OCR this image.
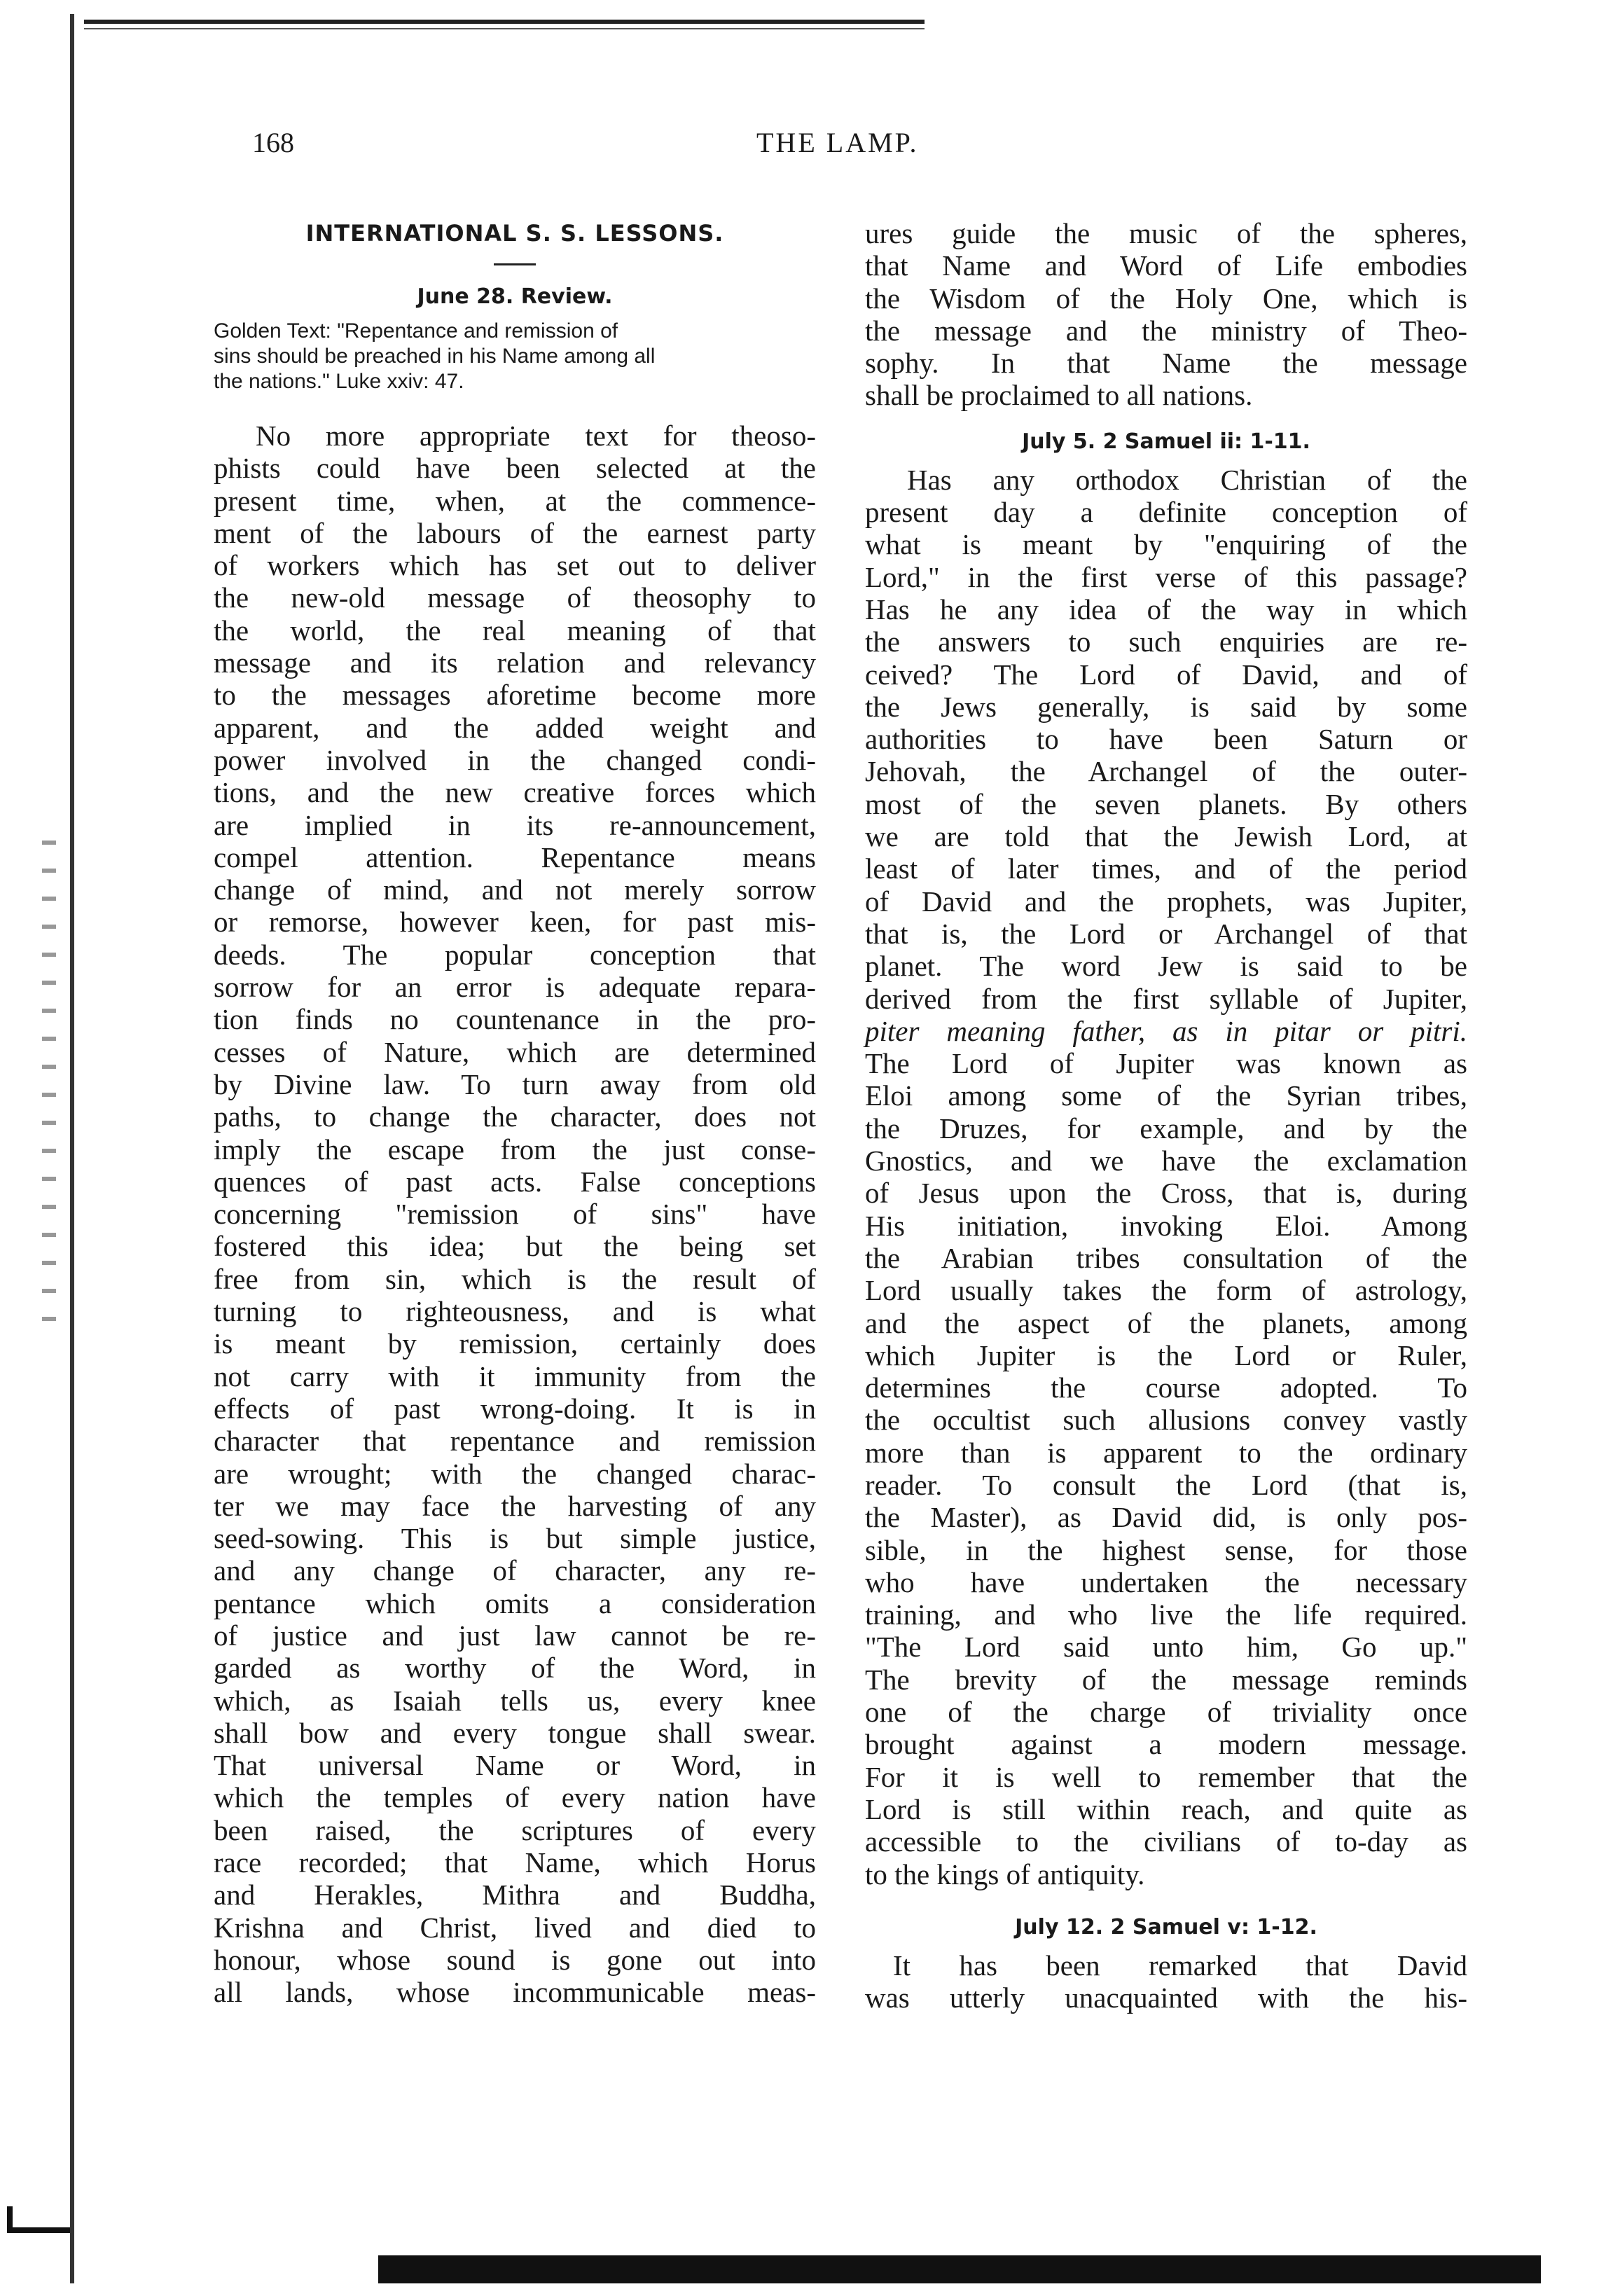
168	THE LAMP.
INTERNATIONAL S. S. LESSONS.
June 28. Review.
Golden Text: "Repentance and remission of
sins should be preached in his Name among all
the nations." Luke xxiv: 47.
No more appropriate text for theoso-
phists could have been selected at the
present time, when, at the commence-
ment of the labours of the earnest party
of workers which has set out to deliver
the new-old message of theosophy to
the world, the real meaning of that
message and its relation and relevancy
to the messages aforetime become more
apparent, and the added weight and
power involved in the changed condi-
tions, and the new creative forces which
are implied in its re-announcement,
compel attention. Repentance means
change of mind, and not merely sorrow
or remorse, however keen, for past mis-
deeds. The popular conception that
sorrow for an error is adequate repara-
tion finds no countenance in the pro-
cesses of Nature, which are determined
by Divine law. To turn away from old
paths, to change the character, does not
imply the escape from the just conse-
quences of past acts. False conceptions
concerning "remission of sins" have
fostered this idea; but the being set
free from sin, which is the result of
turning to righteousness, and is what
is meant by remission, certainly does
not carry with it immunity from the
effects of past wrong-doing. It is in
character that repentance and remission
are wrought; with the changed charac-
ter we may face the harvesting of any
seed-sowing. This is but simple justice,
and any change of character, any re-
pentance which omits a consideration
of justice and just law cannot be re-
garded as worthy of the Word, in
which, as Isaiah tells us, every knee
shall bow and every tongue shall swear.
That universal Name or Word, in
which the temples of every nation have
been raised, the scriptures of every
race recorded; that Name, which Horus
and Herakles, Mithra and Buddha,
Krishna and Christ, lived and died to
honour, whose sound is gone out into
all lands, whose incommunicable meas-
ures guide the music of the spheres,
that Name and Word of Life embodies
the Wisdom of the Holy One, which is
the message and the ministry of Theo-
sophy. In that Name the message
shall be proclaimed to all nations.
July 5. 2 Samuel ii: 1-11.
Has any orthodox Christian of the
present day a definite conception of
what is meant by "enquiring of the
Lord," in the first verse of this passage?
Has he any idea of the way in which
the answers to such enquiries are re-
ceived? The Lord of David, and of
the Jews generally, is said by some
authorities to have been Saturn or
Jehovah, the Archangel of the outer-
most of the seven planets. By others
we are told that the Jewish Lord, at
least of later times, and of the period
of David and the prophets, was Jupiter,
that is, the Lord or Archangel of that
planet. The word Jew is said to be
derived from the first syllable of Jupiter,
piter meaning father, as in pitar or pitri.
The Lord of Jupiter was known as
Eloi among some of the Syrian tribes,
the Druzes, for example, and by the
Gnostics, and we have the exclamation
of Jesus upon the Cross, that is, during
His initiation, invoking Eloi. Among
the Arabian tribes consultation of the
Lord usually takes the form of astrology,
and the aspect of the planets, among
which Jupiter is the Lord or Ruler,
determines the course adopted. To
the occultist such allusions convey vastly
more than is apparent to the ordinary
reader. To consult the Lord (that is,
the Master), as David did, is only pos-
sible, in the highest sense, for those
who have undertaken the necessary
training, and who live the life required.
"The Lord said unto him, Go up."
The brevity of the message reminds
one of the charge of triviality once
brought against a modern message.
For it is well to remember that the
Lord is still within reach, and quite as
accessible to the civilians of to-day as
to the kings of antiquity.
July 12. 2 Samuel v: 1-12.
It has been remarked that David
was utterly unacquainted with the his-
